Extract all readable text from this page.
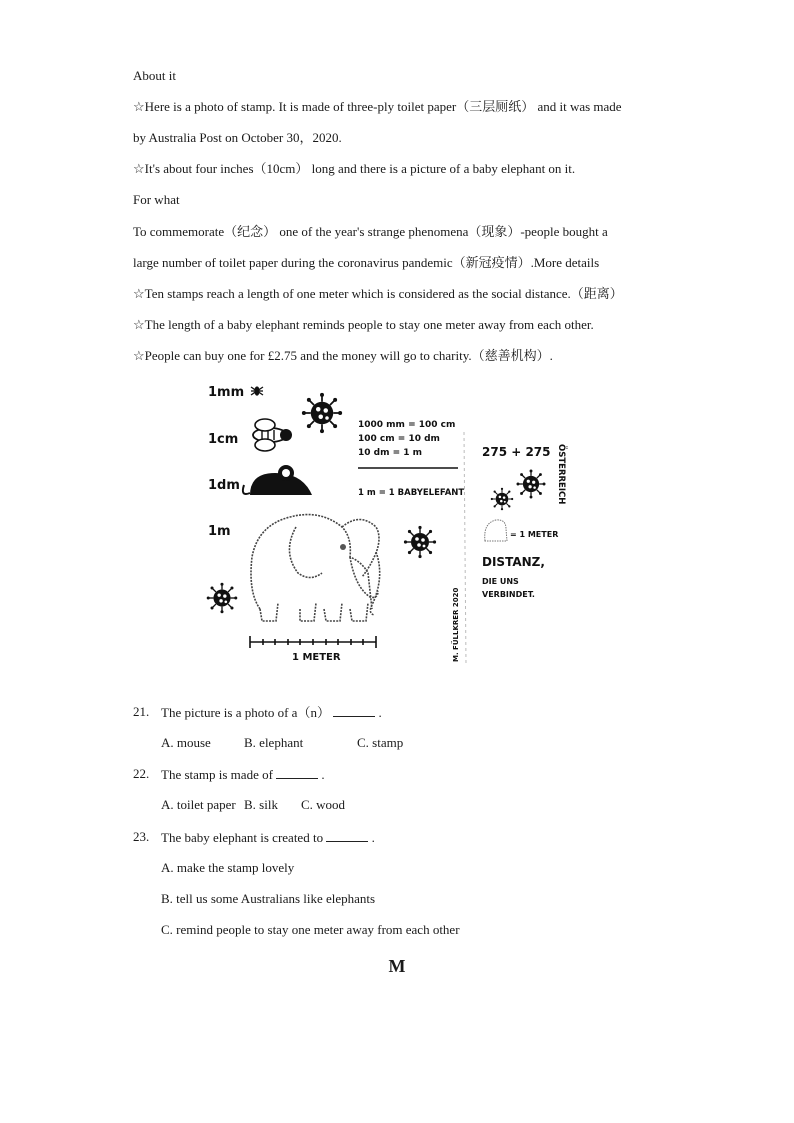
About it
☆Here is a photo of stamp. It is made of three-ply toilet paper（三层厕纸） and it was made
by Australia Post on October 30，2020.
☆It's about four inches（10cm） long and there is a picture of a baby elephant on it.
For what
To commemorate（纪念） one of the year's strange phenomena（现象）-people bought a
large number of toilet paper during the coronavirus pandemic（新冠疫情）.More details
☆Ten stamps reach a length of one meter which is considered as the social distance.（距离）
☆The length of a baby elephant reminds people to stay one meter away from each other.
☆People can buy one for £2.75 and the money will go to charity.（慈善机构）.
1mm
1cm
1dm
1m
1 METER
1000 mm = 100 cm
100 cm = 10 dm
10 dm = 1 m
1 m = 1 BABYELEFANT
M. FÜLLKRER 2020
275 + 275 ÖSTERREICH
= 1 METER
DISTANZ,
DIE UNS
VERBINDET.
21. The picture is a photo of a（n）	.
A. mouse	B. elephant	C. stamp
22. The stamp is made of	.
A. toilet paper B. silk C. wood
23. The baby elephant is created to	.
A. make the stamp lovely
B. tell us some Australians like elephants
C. remind people to stay one meter away from each other
M
